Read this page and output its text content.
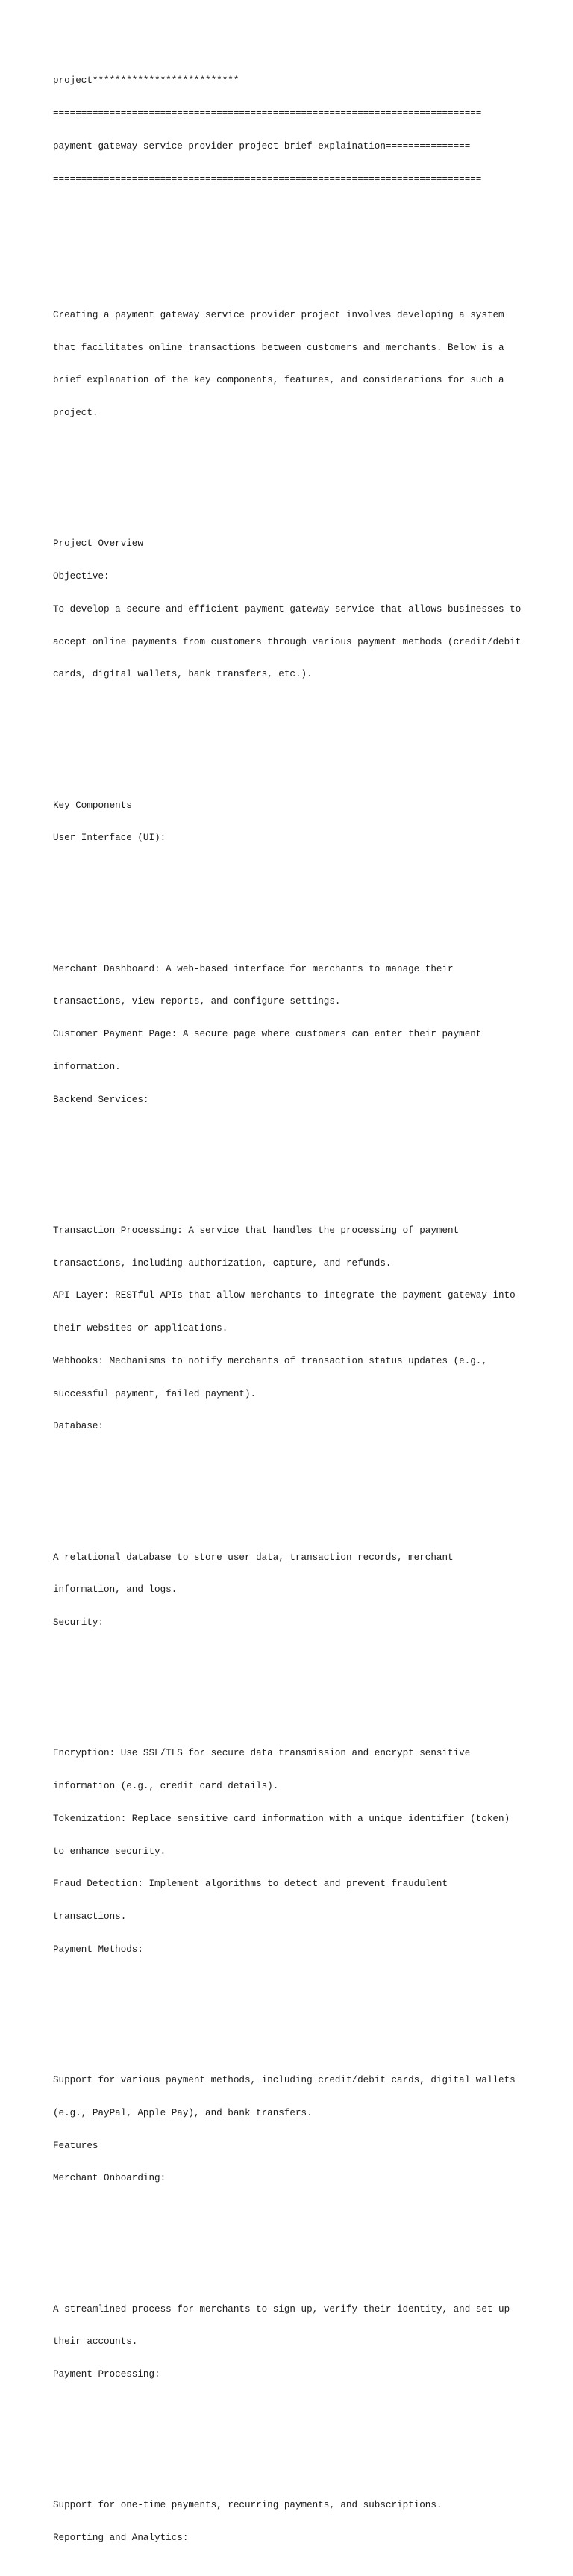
project**************************

============================================================================

payment gateway service provider project brief explaination===============

============================================================================

Creating a payment gateway service provider project involves developing a system

that facilitates online transactions between customers and merchants. Below is a

brief explanation of the key components, features, and considerations for such a

project.

Project Overview

Objective:

To develop a secure and efficient payment gateway service that allows businesses to

accept online payments from customers through various payment methods (credit/debit

cards, digital wallets, bank transfers, etc.).

Key Components

User Interface (UI):

Merchant Dashboard: A web-based interface for merchants to manage their

transactions, view reports, and configure settings.

Customer Payment Page: A secure page where customers can enter their payment

information.

Backend Services:

Transaction Processing: A service that handles the processing of payment

transactions, including authorization, capture, and refunds.

API Layer: RESTful APIs that allow merchants to integrate the payment gateway into

their websites or applications.

Webhooks: Mechanisms to notify merchants of transaction status updates (e.g.,

successful payment, failed payment).

Database:

A relational database to store user data, transaction records, merchant

information, and logs.

Security:

Encryption: Use SSL/TLS for secure data transmission and encrypt sensitive

information (e.g., credit card details).

Tokenization: Replace sensitive card information with a unique identifier (token)

to enhance security.

Fraud Detection: Implement algorithms to detect and prevent fraudulent

transactions.

Payment Methods:

Support for various payment methods, including credit/debit cards, digital wallets

(e.g., PayPal, Apple Pay), and bank transfers.

Features

Merchant Onboarding:

A streamlined process for merchants to sign up, verify their identity, and set up

their accounts.

Payment Processing:

Support for one-time payments, recurring payments, and subscriptions.

Reporting and Analytics:
